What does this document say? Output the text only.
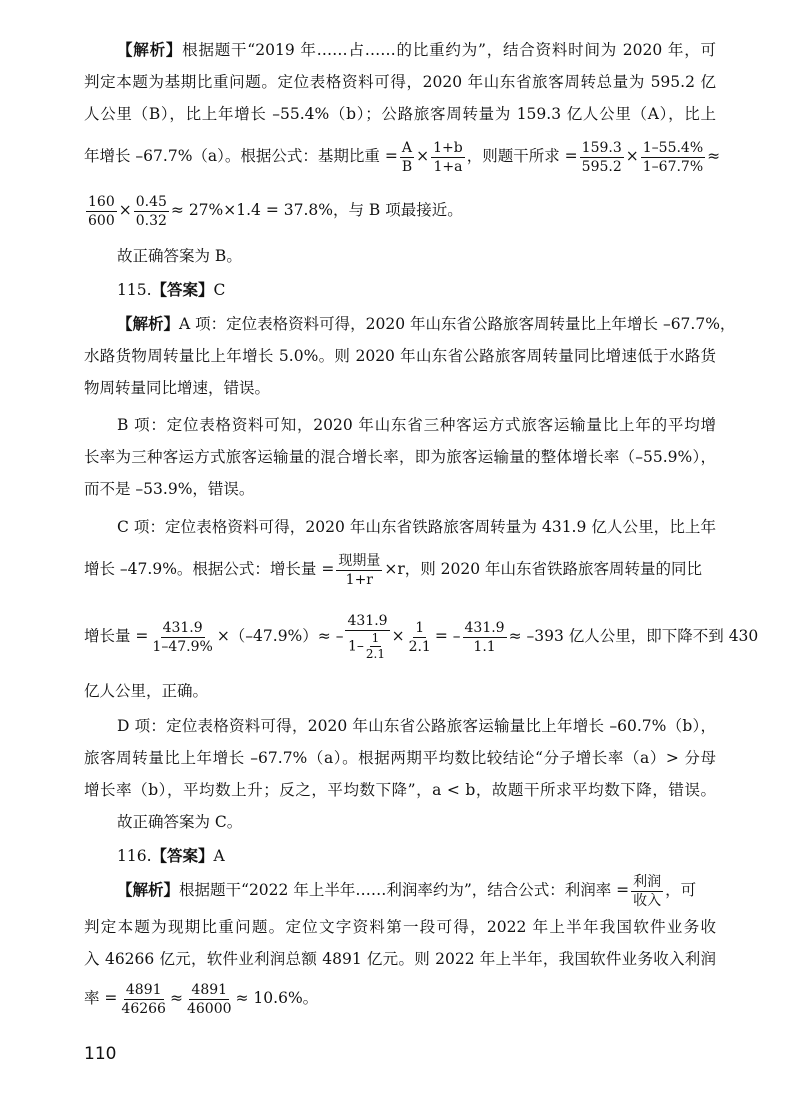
【解析】根据题干“2019 年……占……的比重约为”，结合资料时间为 2020 年，可
判定本题为基期比重问题。定位表格资料可得，2020 年山东省旅客周转总量为 595.2 亿
人公里（B），比上年增长 –55.4%（b）；公路旅客周转量为 159.3 亿人公里（A），比上
年增长 –67.7%（a）。根据公式：基期比重 = $\frac{A}{B} \times \frac{1+b}{1+a}$ ，则题干所求 = $\frac{159.3}{595.2} \times \frac{1-55.4\%}{1-67.7\%}$ ≈
$\frac{160}{600} \times \frac{0.45}{0.32} \approx 27\%\times 1.4 = 37.8\%$，与 B 项最接近。
故正确答案为 B。
115.【答案】C
【解析】A 项：定位表格资料可得，2020 年山东省公路旅客周转量比上年增长 –67.7%，
水路货物周转量比上年增长 5.0%。则 2020 年山东省公路旅客周转量同比增速低于水路货
物周转量同比增速，错误。
B 项：定位表格资料可知，2020 年山东省三种客运方式旅客运输量比上年的平均增
长率为三种客运方式旅客运输量的混合增长率，即为旅客运输量的整体增长率（–55.9%），
而不是 –53.9%，错误。
C 项：定位表格资料可得，2020 年山东省铁路旅客周转量为 431.9 亿人公里，比上年
增长 –47.9%。根据公式：增长量 = $\frac{\text{现期量}}{1+r} \times r$，则 2020 年山东省铁路旅客周转量的同比
增长量 = $\frac{431.9}{1-47.9\%} \times(-47.9\%)\approx - \frac{431.9}{1- \frac{1}{2.1}} \times \frac{1}{2.1}$ = – $\frac{431.9}{1.1} \approx -393$ 亿人公里，即下降不到 430
亿人公里，正确。
D 项：定位表格资料可得，2020 年山东省公路旅客运输量比上年增长 –60.7%（b），
旅客周转量比上年增长 –67.7%（a）。根据两期平均数比较结论“分子增长率（a）> 分母
增长率（b），平均数上升；反之，平均数下降”，a < b，故题干所求平均数下降，错误。
故正确答案为 C。
116.【答案】A
【解析】根据题干“2022 年上半年……利润率约为”，结合公式：利润率 = $\frac{\text{利润}}{\text{收入}}$ ，可
判定本题为现期比重问题。定位文字资料第一段可得，2022 年上半年我国软件业务收
入 46266 亿元，软件业利润总额 4891 亿元。则 2022 年上半年，我国软件业务收入利润
率 = $\frac{4891}{46266} \approx \frac{4891}{46000} \approx 10.6\%$。
110
